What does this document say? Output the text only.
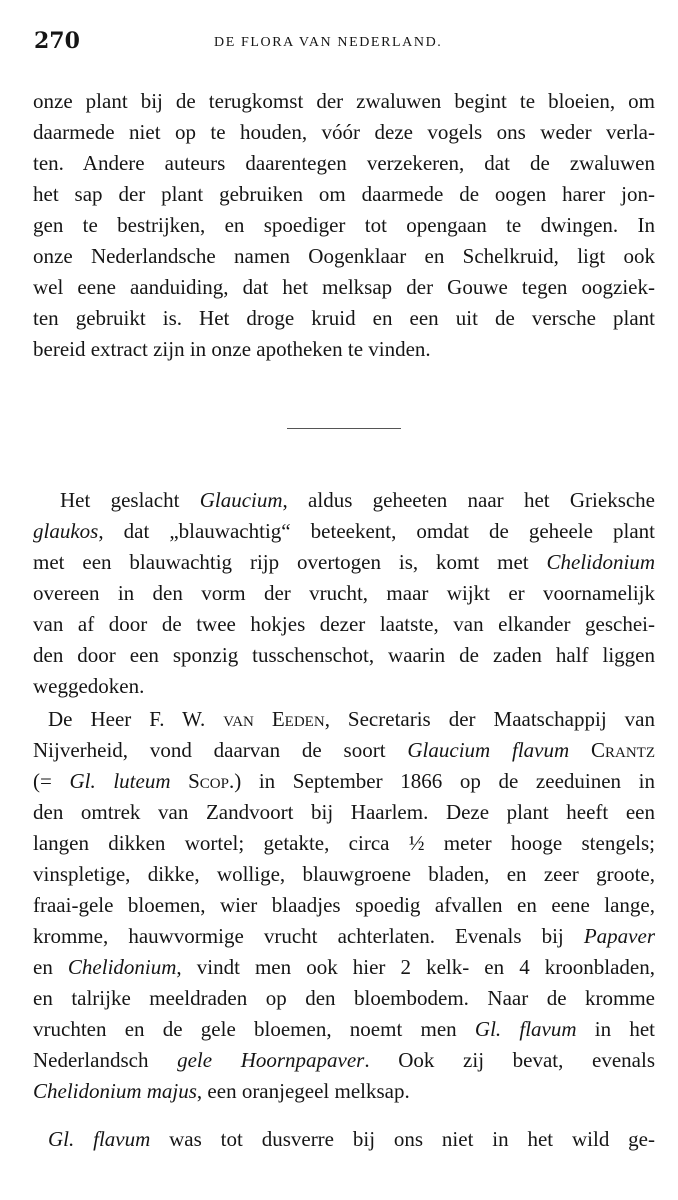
270	DE FLORA VAN NEDERLAND.
onze plant bij de terugkomst der zwaluwen begint te bloeien, om
daarmede niet op te houden, vóór deze vogels ons weder verla-
ten. Andere auteurs daarentegen verzekeren, dat de zwaluwen
het sap der plant gebruiken om daarmede de oogen harer jon-
gen te bestrijken, en spoediger tot opengaan te dwingen. In
onze Nederlandsche namen Oogenklaar en Schelkruid, ligt ook
wel eene aanduiding, dat het melksap der Gouwe tegen oogziek-
ten gebruikt is. Het droge kruid en een uit de versche plant
bereid extract zijn in onze apotheken te vinden.
Het geslacht Glaucium, aldus geheeten naar het Grieksche
glaukos, dat „blauwachtig“ beteekent, omdat de geheele plant
met een blauwachtig rijp overtogen is, komt met Chelidonium
overeen in den vorm der vrucht, maar wijkt er voornamelijk
van af door de twee hokjes dezer laatste, van elkander geschei-
den door een sponzig tusschenschot, waarin de zaden half liggen
weggedoken.
De Heer F. W. van Eeden, Secretaris der Maatschappij van
Nijverheid, vond daarvan de soort Glaucium flavum Crantz
(= Gl. luteum Scop.) in September 1866 op de zeeduinen in
den omtrek van Zandvoort bij Haarlem. Deze plant heeft een
langen dikken wortel; getakte, circa ½ meter hooge stengels;
vinspletige, dikke, wollige, blauwgroene bladen, en zeer groote,
fraai-gele bloemen, wier blaadjes spoedig afvallen en eene lange,
kromme, hauwvormige vrucht achterlaten. Evenals bij Papaver
en Chelidonium, vindt men ook hier 2 kelk- en 4 kroonbladen,
en talrijke meeldraden op den bloembodem. Naar de kromme
vruchten en de gele bloemen, noemt men Gl. flavum in het
Nederlandsch gele Hoornpapaver. Ook zij bevat, evenals
Chelidonium majus, een oranjegeel melksap.
Gl. flavum was tot dusverre bij ons niet in het wild ge-
